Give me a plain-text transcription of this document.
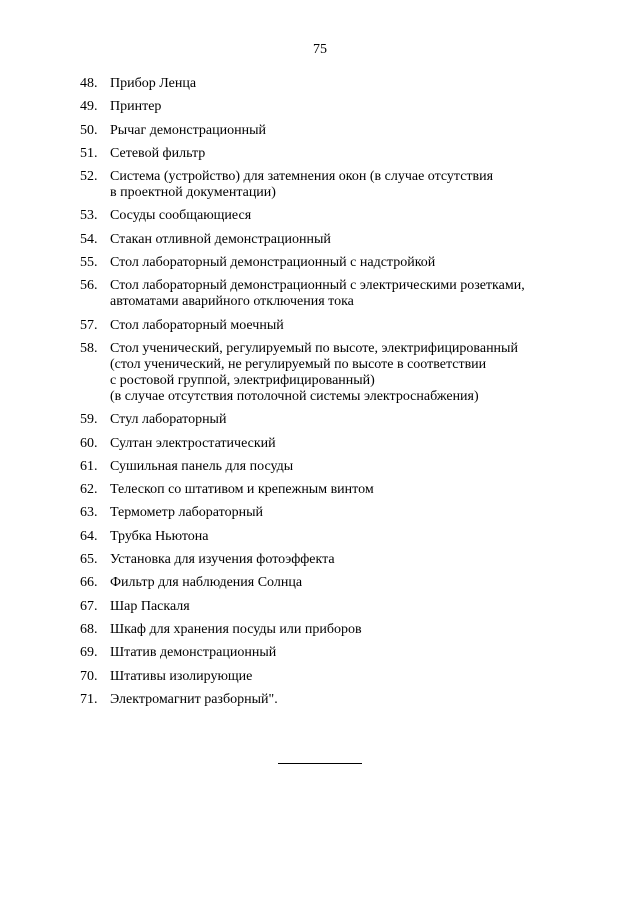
75
48. Прибор Ленца
49. Принтер
50. Рычаг демонстрационный
51. Сетевой фильтр
52. Система (устройство) для затемнения окон (в случае отсутствия
в проектной документации)
53. Сосуды сообщающиеся
54. Стакан отливной демонстрационный
55. Стол лабораторный демонстрационный с надстройкой
56. Стол лабораторный демонстрационный с электрическими розетками,
автоматами аварийного отключения тока
57. Стол лабораторный моечный
58. Стол ученический, регулируемый по высоте, электрифицированный
(стол ученический, не регулируемый по высоте в соответствии
с ростовой группой, электрифицированный)
(в случае отсутствия потолочной системы электроснабжения)
59. Стул лабораторный
60. Султан электростатический
61. Сушильная панель для посуды
62. Телескоп со штативом и крепежным винтом
63. Термометр лабораторный
64. Трубка Ньютона
65. Установка для изучения фотоэффекта
66. Фильтр для наблюдения Солнца
67. Шар Паскаля
68. Шкаф для хранения посуды или приборов
69. Штатив демонстрационный
70. Штативы изолирующие
71. Электромагнит разборный".
